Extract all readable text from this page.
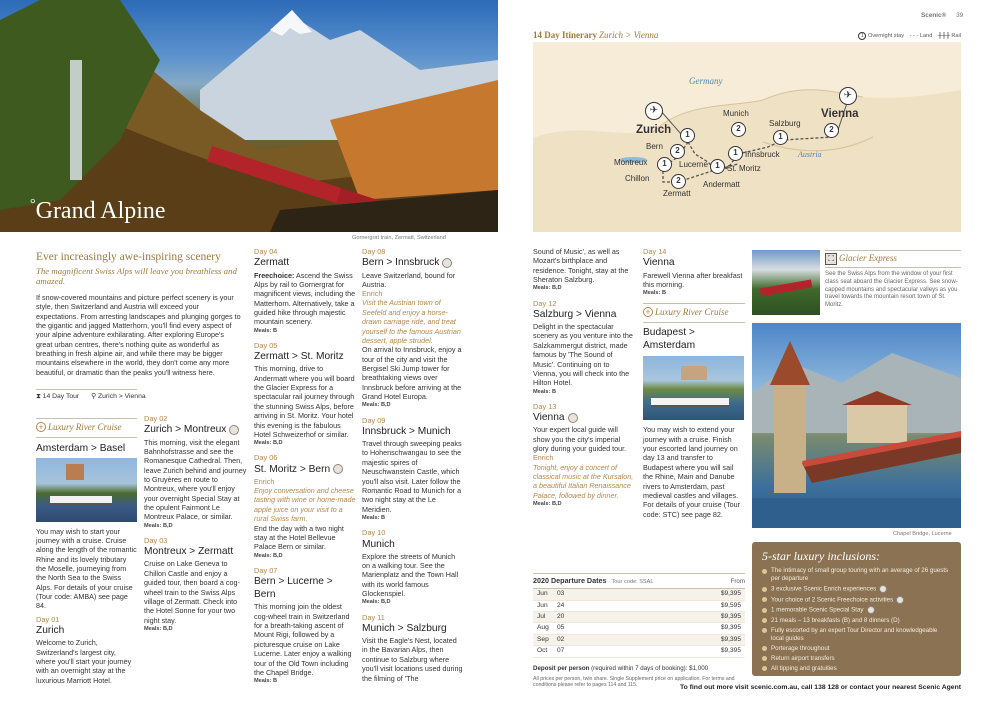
°Grand Alpine
Gornergrat train, Zermatt, Switzerland
Ever increasingly awe-inspiring scenery
The magnificent Swiss Alps will leave you breathless and amazed.
If snow-covered mountains and picture perfect scenery is your style, then Switzerland and Austria will exceed your expectations. From arresting landscapes and plunging gorges to the gigantic and jagged Matterhorn, you'll find every aspect of your alpine adventure exhilarating. After exploring Europe's great urban centres, there's nothing quite as wonderful as breathing in fresh alpine air, and while there may be bigger mountains elsewhere in the world, they don't come any more beautiful, or dramatic than the peaks you'll witness here.
⧗ 14 Day Tour ⚲ Zurich > Vienna
+ Luxury River Cruise
Amsterdam > Basel
You may wish to start your journey with a cruise. Cruise along the length of the romantic Rhine and its lovely tributary the Moselle, journeying from the North Sea to the Swiss Alps. For details of your cruise (Tour code: AMBA) see page 84.
Day 01
Zurich
Welcome to Zurich, Switzerland's largest city, where you'll start your journey with an overnight stay at the luxurious Marriott Hotel.
Day 02
Zurich > Montreux
This morning, visit the elegant Bahnhofstrasse and see the Romanesque Cathedral. Then, leave Zurich behind and journey to Gruyères en route to Montreux, where you'll enjoy your overnight Special Stay at the opulent Fairmont Le Montreux Palace, or similar.
Meals: B,D
Day 03
Montreux > Zermatt
Cruise on Lake Geneva to Chillon Castle and enjoy a guided tour, then board a cog-wheel train to the Swiss Alps village of Zermatt. Check into the Hotel Sonne for your two night stay.
Meals: B,D
Day 04
Zermatt
Freechoice: Ascend the Swiss Alps by rail to Gornergrat for magnificent views, including the Matterhorn. Alternatively, take a guided hike through majestic mountain scenery.
Meals: B
Day 05
Zermatt > St. Moritz
This morning, drive to Andermatt where you will board the Glacier Express for a spectacular rail journey through the stunning Swiss Alps, before arriving in St. Moritz. Your hotel this evening is the fabulous Hotel Schweizerhof or similar.
Meals: B,D
Day 06
St. Moritz > Bern
Enrich
Enjoy conversation and cheese tasting with wine or home-made apple juice on your visit to a rural Swiss farm.
End the day with a two night stay at the Hotel Bellevue Palace Bern or similar.
Meals: B,D
Day 07
Bern > Lucerne > Bern
This morning join the oldest cog-wheel train in Switzerland for a breath-taking ascent of Mount Rigi, followed by a picturesque cruise on Lake Lucerne. Later enjoy a walking tour of the Old Town including the Chapel Bridge.
Meals: B
Day 08
Bern > Innsbruck
Leave Switzerland, bound for Austria.
Enrich
Visit the Austrian town of Seefeld and enjoy a horse-drawn carriage ride, and treat yourself to the famous Austrian dessert, apple strudel.
On arrival to Innsbruck, enjoy a tour of the city and visit the Bergisel Ski Jump tower for breathtaking views over Innsbruck before arriving at the Grand Hotel Europa.
Meals: B,D
Day 09
Innsbruck > Munich
Travel through sweeping peaks to Hohenschwangau to see the majestic spires of Neuschwanstein Castle, which you'll also visit. Later follow the Romantic Road to Munich for a two night stay at the Le Meridien.
Meals: B
Day 10
Munich
Explore the streets of Munich on a walking tour. See the Marienplatz and the Town Hall with its world famous Glockenspiel.
Meals: B,D
Day 11
Munich > Salzburg
Visit the Eagle's Nest, located in the Bavarian Alps, then continue to Salzburg where you'll visit locations used during the filming of 'The
Scenic® 39
14 Day Itinerary Zurich > Vienna	1 Overnight stay - - - Land ╫╫╫ Rail
Germany
Austria
✈
✈
Zurich	1
Bern	2
Lucerne
Montreux	1
Chillon
Zermatt
2	Andermatt
St. Moritz
1
Innsbruck
1
Munich
2
Salzburg
1
Vienna
2
Sound of Music', as well as Mozart's birthplace and residence. Tonight, stay at the Sheraton Salzburg.
Meals: B,D
Day 12
Salzburg > Vienna
Delight in the spectacular scenery as you venture into the Salzkammergut district, made famous by 'The Sound of Music'. Continuing on to Vienna, you will check into the Hilton Hotel.
Meals: B
Day 13
Vienna
Your expert local guide will show you the city's imperial glory during your guided tour.
Enrich
Tonight, enjoy a concert of classical music at the Kursalon, a beautiful Italian Renaissance Palace, followed by dinner.
Meals: B,D
Day 14
Vienna
Farewell Vienna after breakfast this morning.
Meals: B
+ Luxury River Cruise
Budapest > Amsterdam
You may wish to extend your journey with a cruise. Finish your escorted land journey on day 13 and transfer to Budapest where you will sail the Rhine, Main and Danube rivers to Amsterdam, past medieval castles and villages. For details of your cruise (Tour code: STC) see page 82.
⛶ Glacier Express
See the Swiss Alps from the window of your first class seat aboard the Glacier Express. See snow-capped mountains and spectacular valleys as you travel towards the mountain resort town of St. Moritz.
Chapel Bridge, Lucerne
2020 Departure Dates Tour code: SSAL	From
Jun	03	$9,395
Jun	24	$9,595
Jul	20	$9,395
Aug	05	$9,395
Sep	02	$9,395
Oct	07	$9,395
Deposit per person (required within 7 days of booking): $1,000
All prices per person, twin share. Single Supplement price on application. For terms and conditions please refer to pages 114 and 115.
5-star luxury inclusions:
The intimacy of small group touring with an average of 26 guests per departure
3 exclusive Scenic Enrich experiences
Your choice of 2 Scenic Freechoice activities
1 memorable Scenic Special Stay
21 meals – 13 breakfasts (B) and 8 dinners (D)
Fully escorted by an expert Tour Director and knowledgeable local guides
Porterage throughout
Return airport transfers
All tipping and gratuities
To find out more visit scenic.com.au, call 138 128 or contact your nearest Scenic Agent
